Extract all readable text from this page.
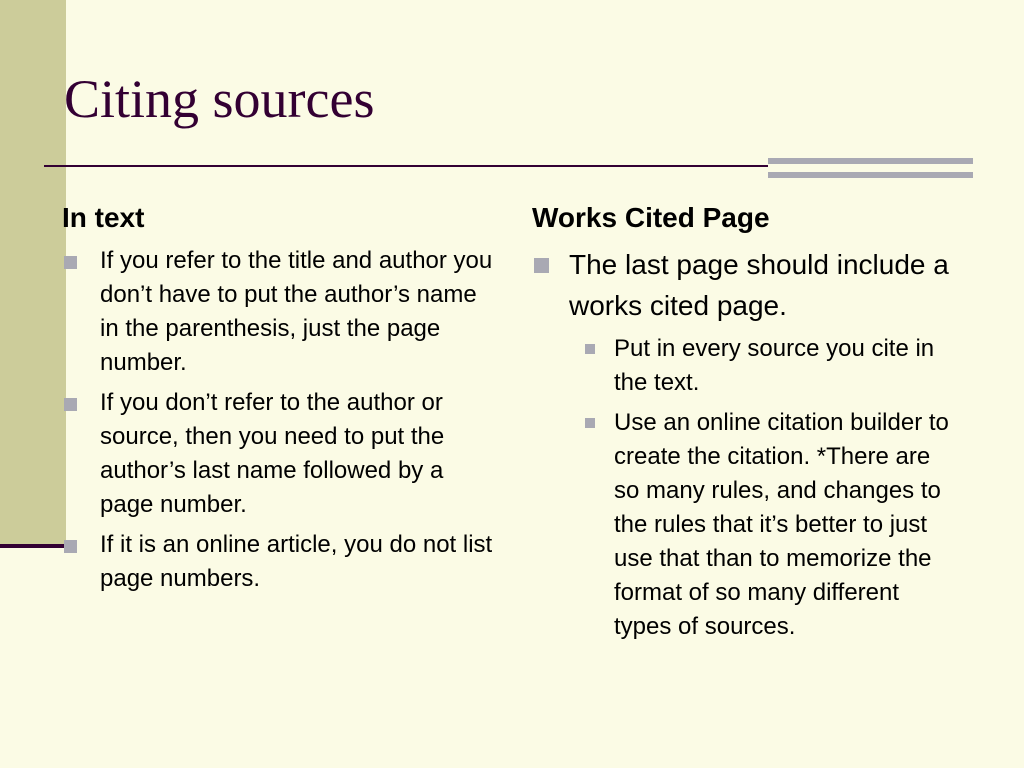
Citing sources
In text
If you refer to the title and author you don’t have to put the author’s name in the parenthesis, just the page number.
If you don’t refer to the author or source, then you need to put the author’s last name followed by a page number.
If it is an online article, you do not list page numbers.
Works Cited Page
The last page should include a works cited page.
Put in every source you cite in the text.
Use an online citation builder to create the citation. *There are so many rules, and changes to the rules that it’s better to just use that than to memorize the format of so many different types of sources.
